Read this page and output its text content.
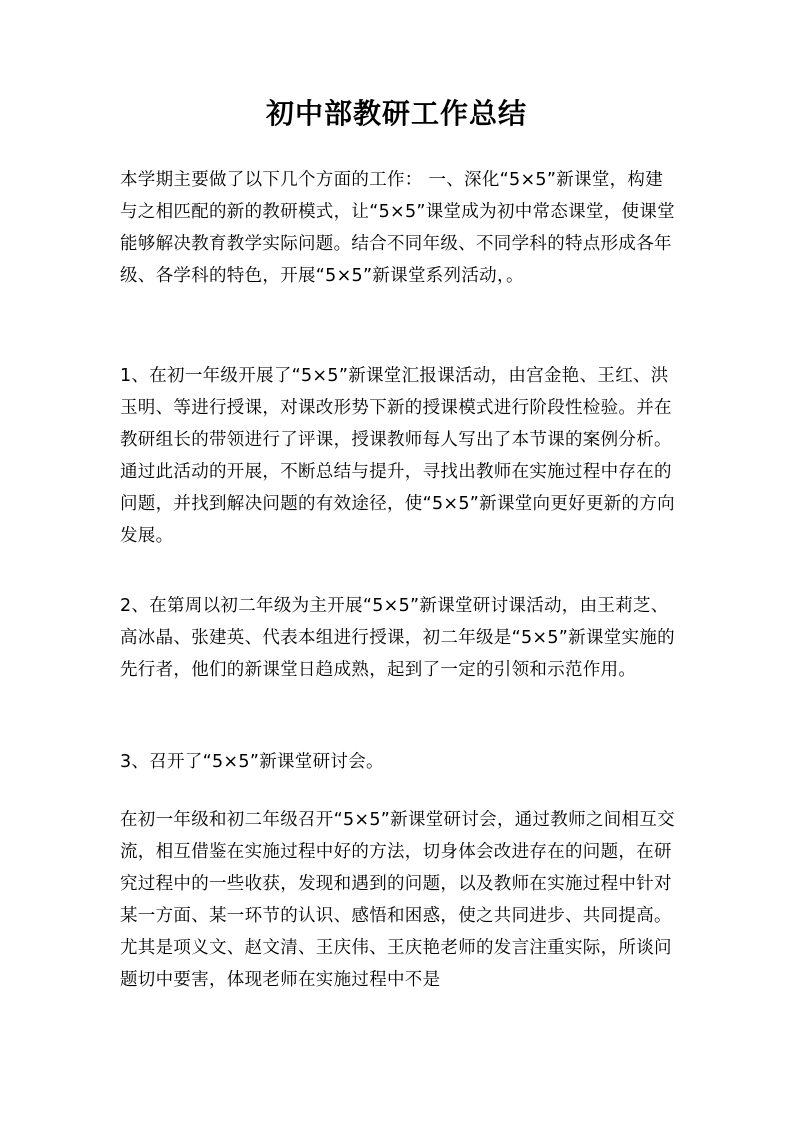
初中部教研工作总结

本学期主要做了以下几个方面的工作： 一、深化“5×5”新课堂，构建与之相匹配的新的教研模式，让“5×5”课堂成为初中常态课堂，使课堂能够解决教育教学实际问题。结合不同年级、不同学科的特点形成各年级、各学科的特色，开展“5×5”新课堂系列活动，。

1、在初一年级开展了“5×5”新课堂汇报课活动，由宫金艳、王红、洪玉明、等进行授课，对课改形势下新的授课模式进行阶段性检验。并在教研组长的带领进行了评课，授课教师每人写出了本节课的案例分析。通过此活动的开展，不断总结与提升，寻找出教师在实施过程中存在的问题，并找到解决问题的有效途径，使“5×5”新课堂向更好更新的方向发展。

2、在第周以初二年级为主开展“5×5”新课堂研讨课活动，由王莉芝、高冰晶、张建英、代表本组进行授课，初二年级是“5×5”新课堂实施的先行者，他们的新课堂日趋成熟，起到了一定的引领和示范作用。

3、召开了“5×5”新课堂研讨会。

在初一年级和初二年级召开“5×5”新课堂研讨会，通过教师之间相互交流，相互借鉴在实施过程中好的方法，切身体会改进存在的问题，在研究过程中的一些收获，发现和遇到的问题，以及教师在实施过程中针对某一方面、某一环节的认识、感悟和困惑，使之共同进步、共同提高。尤其是项义文、赵文清、王庆伟、王庆艳老师的发言注重实际，所谈问题切中要害，体现老师在实施过程中不是
